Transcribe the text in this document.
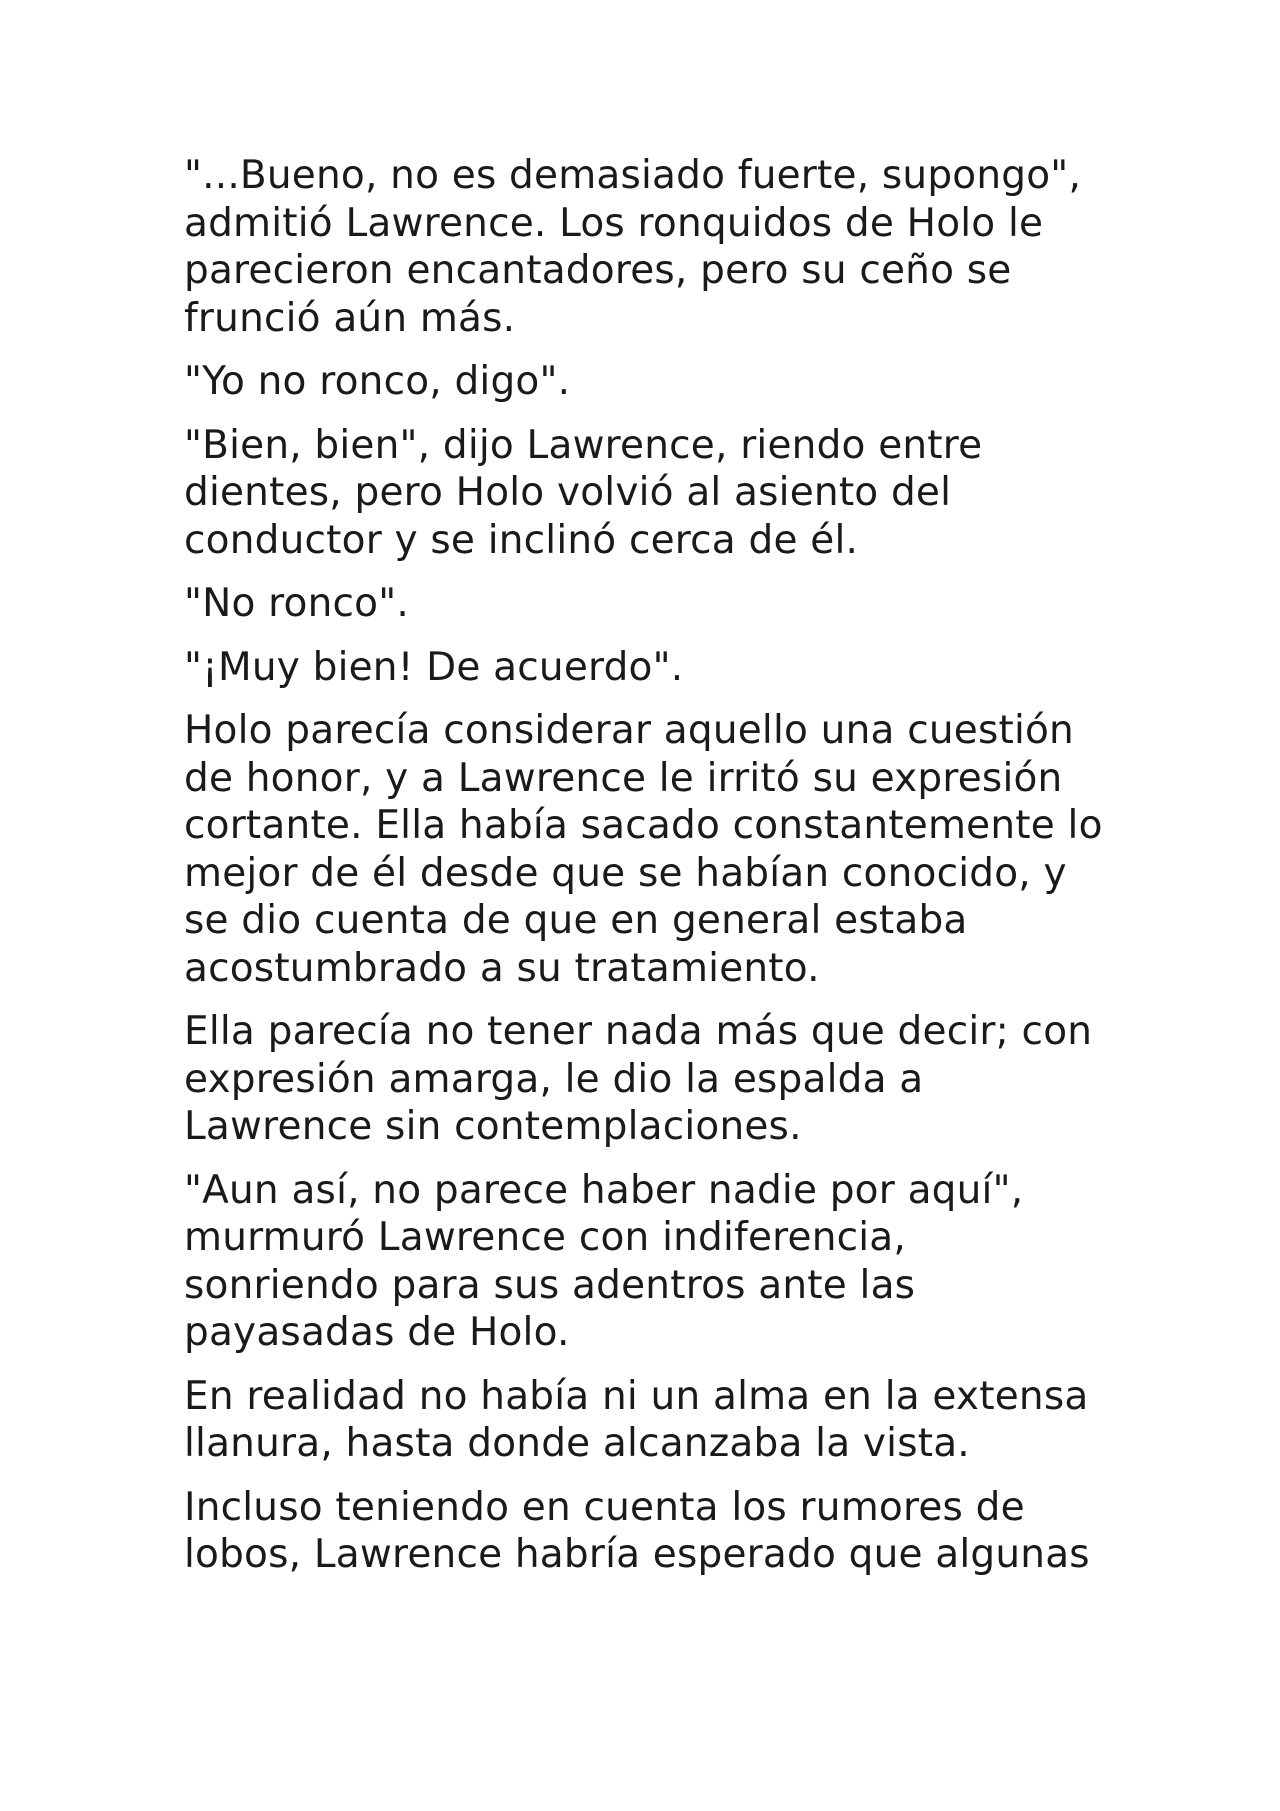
"...Bueno, no es demasiado fuerte, supongo",
admitió Lawrence. Los ronquidos de Holo le
parecieron encantadores, pero su ceño se
frunció aún más.

"Yo no ronco, digo".

"Bien, bien", dijo Lawrence, riendo entre
dientes, pero Holo volvió al asiento del
conductor y se inclinó cerca de él.

"No ronco".

"¡Muy bien! De acuerdo".

Holo parecía considerar aquello una cuestión
de honor, y a Lawrence le irritó su expresión
cortante. Ella había sacado constantemente lo
mejor de él desde que se habían conocido, y
se dio cuenta de que en general estaba
acostumbrado a su tratamiento.

Ella parecía no tener nada más que decir; con
expresión amarga, le dio la espalda a
Lawrence sin contemplaciones.

"Aun así, no parece haber nadie por aquí",
murmuró Lawrence con indiferencia,
sonriendo para sus adentros ante las
payasadas de Holo.

En realidad no había ni un alma en la extensa
llanura, hasta donde alcanzaba la vista.

Incluso teniendo en cuenta los rumores de
lobos, Lawrence habría esperado que algunas
